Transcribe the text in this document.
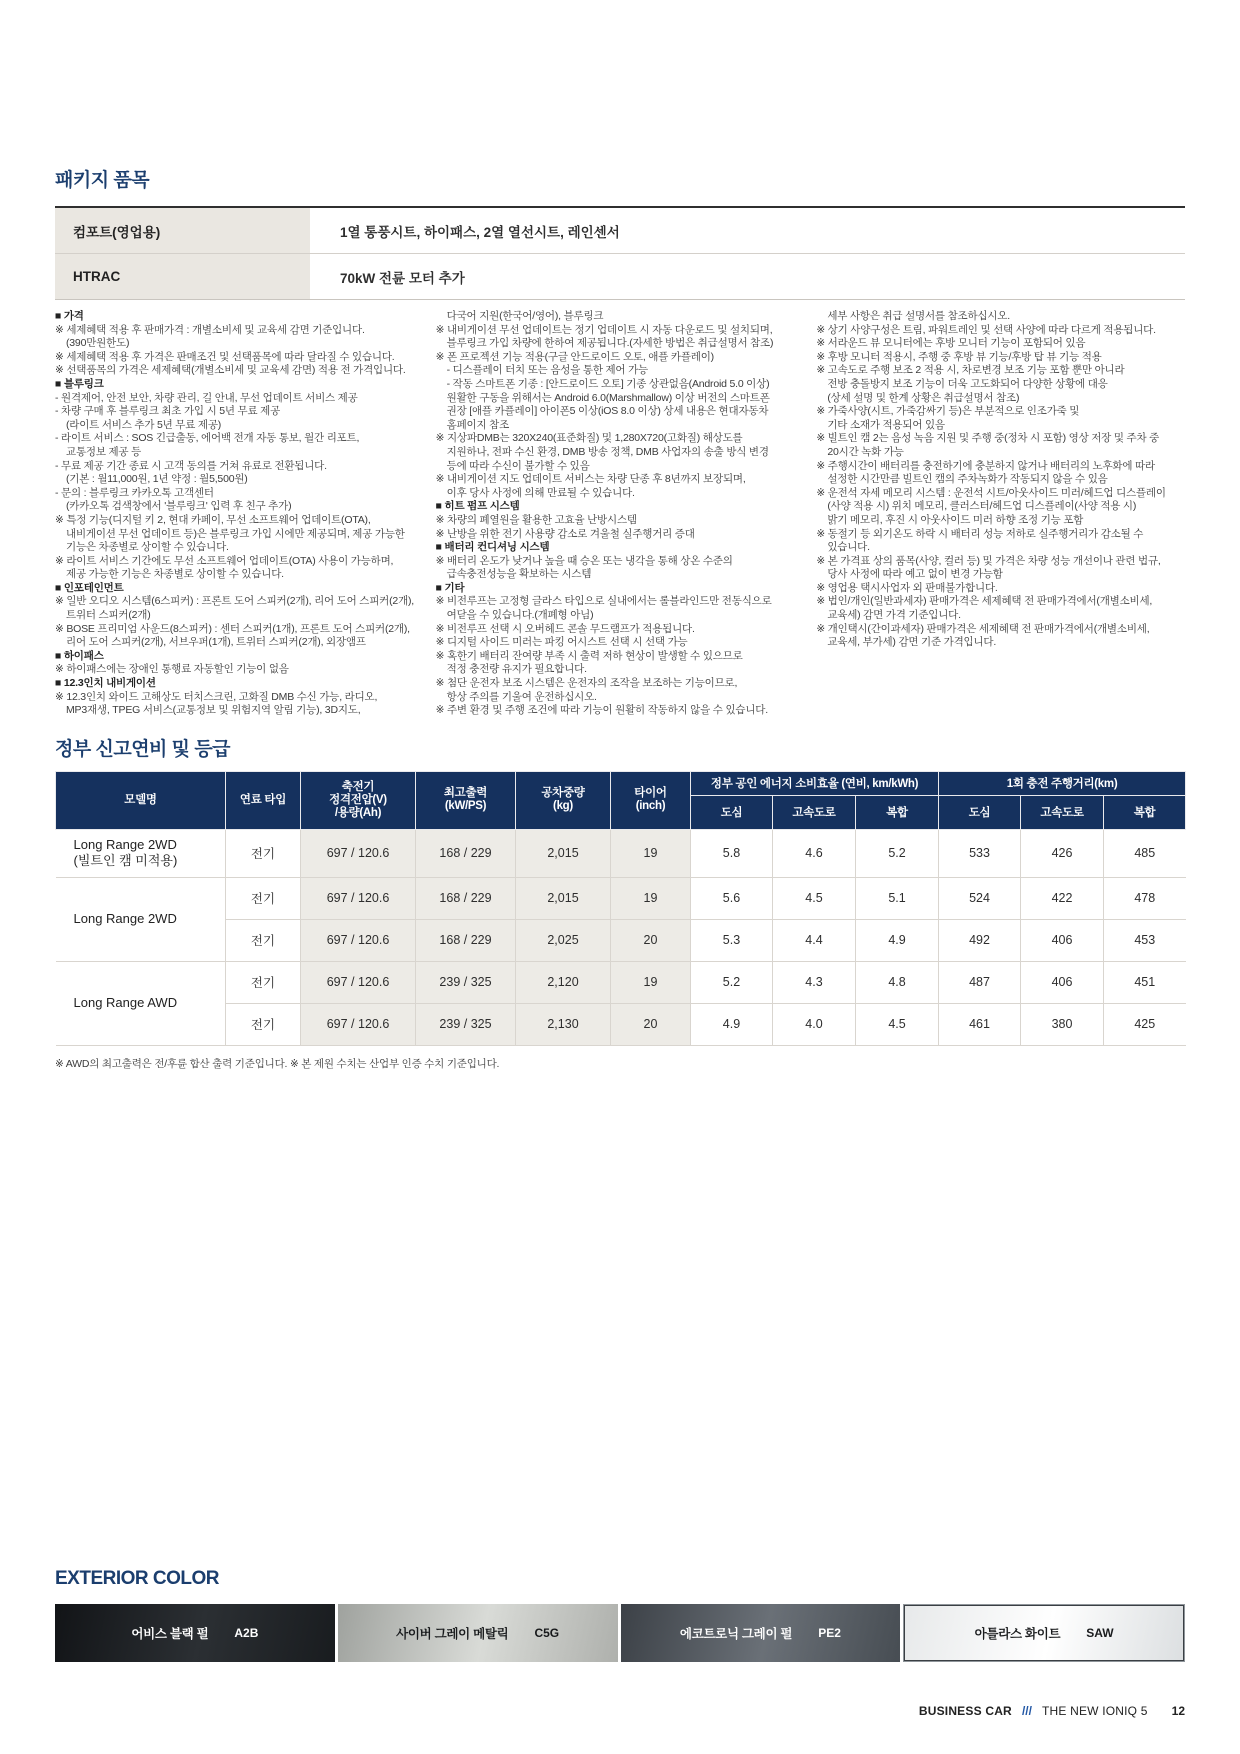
패키지 품목
컴포트(영업용)	1열 통풍시트, 하이패스, 2열 열선시트, 레인센서
HTRAC	70kW 전륜 모터 추가
■ 가격
※ 세제혜택 적용 후 판매가격 : 개별소비세 및 교육세 감면 기준입니다.
(390만원한도)
※ 세제혜택 적용 후 가격은 판매조건 및 선택품목에 따라 달라질 수 있습니다.
※ 선택품목의 가격은 세제혜택(개별소비세 및 교육세 감면) 적용 전 가격입니다.
■ 블루링크
- 원격제어, 안전 보안, 차량 관리, 길 안내, 무선 업데이트 서비스 제공
- 차량 구매 후 블루링크 최초 가입 시 5년 무료 제공
(라이트 서비스 추가 5년 무료 제공)
- 라이트 서비스 : SOS 긴급출동, 에어백 전개 자동 통보, 월간 리포트,
교통정보 제공 등
- 무료 제공 기간 종료 시 고객 동의를 거쳐 유료로 전환됩니다.
(기본 : 월11,000원, 1년 약정 : 월5,500원)
- 문의 : 블루링크 카카오톡 고객센터
(카카오톡 검색창에서 '블루링크' 입력 후 친구 추가)
※ 특정 기능(디지털 키 2, 현대 카페이, 무선 소프트웨어 업데이트(OTA),
내비게이션 무선 업데이트 등)은 블루링크 가입 시에만 제공되며, 제공 가능한
기능은 차종별로 상이할 수 있습니다.
※ 라이트 서비스 기간에도 무선 소프트웨어 업데이트(OTA) 사용이 가능하며,
제공 가능한 기능은 차종별로 상이할 수 있습니다.
■ 인포테인먼트
※ 일반 오디오 시스템(6스피커) : 프론트 도어 스피커(2개), 리어 도어 스피커(2개),
트위터 스피커(2개)
※ BOSE 프리미엄 사운드(8스피커) : 센터 스피커(1개), 프론트 도어 스피커(2개),
리어 도어 스피커(2개), 서브우퍼(1개), 트위터 스피커(2개), 외장앰프
■ 하이패스
※ 하이패스에는 장애인 통행료 자동할인 기능이 없음
■ 12.3인치 내비게이션
※ 12.3인치 와이드 고해상도 터치스크린, 고화질 DMB 수신 가능, 라디오,
MP3재생, TPEG 서비스(교통정보 및 위험지역 알림 기능), 3D지도,
다국어 지원(한국어/영어), 블루링크
※ 내비게이션 무선 업데이트는 정기 업데이트 시 자동 다운로드 및 설치되며,
블루링크 가입 차량에 한하여 제공됩니다.(자세한 방법은 취급설명서 참조)
※ 폰 프로젝션 기능 적용(구글 안드로이드 오토, 애플 카플레이)
- 디스플레이 터치 또는 음성을 통한 제어 가능
- 작동 스마트폰 기종 : [안드로이드 오토] 기종 상관없음(Android 5.0 이상)
원활한 구동을 위해서는 Android 6.0(Marshmallow) 이상 버전의 스마트폰
권장 [애플 카플레이] 아이폰5 이상(iOS 8.0 이상) 상세 내용은 현대자동차
홈페이지 참조
※ 지상파DMB는 320X240(표준화질) 및 1,280X720(고화질) 해상도를
지원하나, 전파 수신 환경, DMB 방송 정책, DMB 사업자의 송출 방식 변경
등에 따라 수신이 불가할 수 있음
※ 내비게이션 지도 업데이트 서비스는 차량 단종 후 8년까지 보장되며,
이후 당사 사정에 의해 만료될 수 있습니다.
■ 히트 펌프 시스템
※ 차량의 폐열원을 활용한 고효율 난방시스템
※ 난방을 위한 전기 사용량 감소로 겨울철 실주행거리 증대
■ 배터리 컨디셔닝 시스템
※ 배터리 온도가 낮거나 높을 때 승온 또는 냉각을 통해 상온 수준의
급속충전성능을 확보하는 시스템
■ 기타
※ 비전루프는 고정형 글라스 타입으로 실내에서는 롤블라인드만 전동식으로
여닫을 수 있습니다.(개폐형 아님)
※ 비전루프 선택 시 오버헤드 콘솔 무드램프가 적용됩니다.
※ 디지털 사이드 미러는 파킹 어시스트 선택 시 선택 가능
※ 혹한기 배터리 잔여량 부족 시 출력 저하 현상이 발생할 수 있으므로
적정 충전량 유지가 필요합니다.
※ 첨단 운전자 보조 시스템은 운전자의 조작을 보조하는 기능이므로,
항상 주의를 기울여 운전하십시오.
※ 주변 환경 및 주행 조건에 따라 기능이 원활히 작동하지 않을 수 있습니다.
세부 사항은 취급 설명서를 참조하십시오.
※ 상기 사양구성은 트림, 파워트레인 및 선택 사양에 따라 다르게 적용됩니다.
※ 서라운드 뷰 모니터에는 후방 모니터 기능이 포함되어 있음
※ 후방 모니터 적용시, 주행 중 후방 뷰 기능/후방 탑 뷰 기능 적용
※ 고속도로 주행 보조 2 적용 시, 차로변경 보조 기능 포함 뿐만 아니라
전방 충돌방지 보조 기능이 더욱 고도화되어 다양한 상황에 대응
(상세 설명 및 한계 상황은 취급설명서 참조)
※ 가죽사양(시트, 가죽감싸기 등)은 부분적으로 인조가죽 및
기타 소재가 적용되어 있음
※ 빌트인 캠 2는 음성 녹음 지원 및 주행 중(정차 시 포함) 영상 저장 및 주차 중
20시간 녹화 가능
※ 주행시간이 배터리를 충전하기에 충분하지 않거나 배터리의 노후화에 따라
설정한 시간만큼 빌트인 캠의 주차녹화가 작동되지 않을 수 있음
※ 운전석 자세 메모리 시스템 : 운전석 시트/아웃사이드 미러/헤드업 디스플레이
(사양 적용 시) 위치 메모리, 클러스터/헤드업 디스플레이(사양 적용 시)
밝기 메모리, 후진 시 아웃사이드 미러 하향 조정 기능 포함
※ 동절기 등 외기온도 하락 시 배터리 성능 저하로 실주행거리가 감소될 수
있습니다.
※ 본 가격표 상의 품목(사양, 컬러 등) 및 가격은 차량 성능 개선이나 관련 법규,
당사 사정에 따라 예고 없이 변경 가능함
※ 영업용 택시사업자 외 판매불가합니다.
※ 법인/개인(일반과세자) 판매가격은 세제혜택 전 판매가격에서(개별소비세,
교육세) 감면 가격 기준입니다.
※ 개인택시(간이과세자) 판매가격은 세제혜택 전 판매가격에서(개별소비세,
교육세, 부가세) 감면 기준 가격입니다.
정부 신고연비 및 등급
모델명	연료 타입	축전기
정격전압(V)
/용량(Ah)	최고출력
(kW/PS)	공차중량
(kg)	타이어
(inch)	정부 공인 에너지 소비효율 (연비, km/kWh)			1회 충전 주행거리(km)		
						도심	고속도로	복합	도심	고속도로	복합

Long Range 2WD
(빌트인 캠 미적용)	전기	697 / 120.6	168 / 229	2,015	19	5.8	4.6	5.2	533	426	485

Long Range 2WD	전기	697 / 120.6	168 / 229	2,015	19	5.6	4.5	5.1	524	422	478
	전기	697 / 120.6	168 / 229	2,025	20	5.3	4.4	4.9	492	406	453

Long Range AWD	전기	697 / 120.6	239 / 325	2,120	19	5.2	4.3	4.8	487	406	451
	전기	697 / 120.6	239 / 325	2,130	20	4.9	4.0	4.5	461	380	425
※ AWD의 최고출력은 전/후륜 합산 출력 기준입니다. ※ 본 제원 수치는 산업부 인증 수치 기준입니다.
EXTERIOR COLOR
어비스 블랙 펄 A2B	사이버 그레이 메탈릭 C5G	에코트로닉 그레이 펄 PE2	아틀라스 화이트 SAW
BUSINESS CAR /// THE NEW IONIQ 5 12
